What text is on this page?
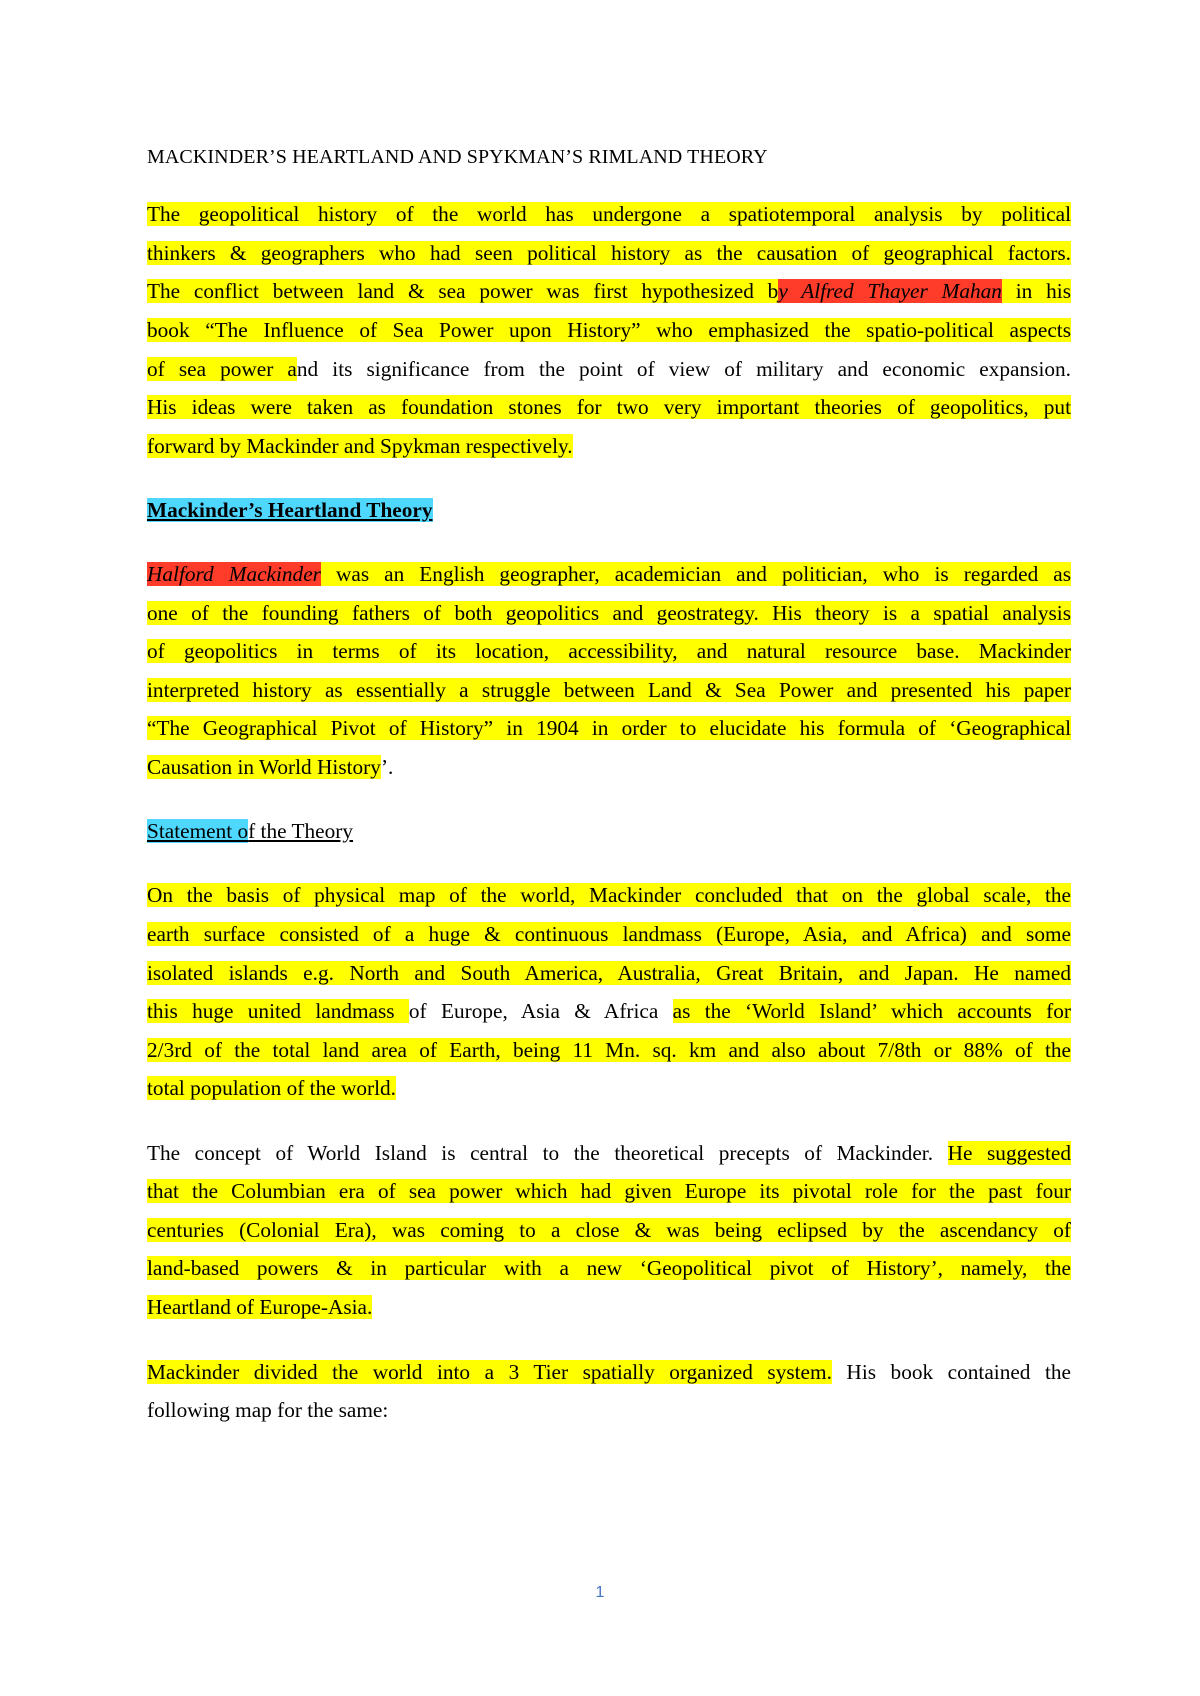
MACKINDER’S HEARTLAND AND SPYKMAN’S RIMLAND THEORY
The geopolitical history of the world has undergone a spatiotemporal analysis by political
thinkers & geographers who had seen political history as the causation of geographical factors.
The conflict between land & sea power was first hypothesized by Alfred Thayer Mahan in his
book “The Influence of Sea Power upon History” who emphasized the spatio-political aspects
of sea power and its significance from the point of view of military and economic expansion.
His ideas were taken as foundation stones for two very important theories of geopolitics, put
forward by Mackinder and Spykman respectively.
Mackinder’s Heartland Theory
Halford Mackinder was an English geographer, academician and politician, who is regarded as
one of the founding fathers of both geopolitics and geostrategy. His theory is a spatial analysis
of geopolitics in terms of its location, accessibility, and natural resource base. Mackinder
interpreted history as essentially a struggle between Land & Sea Power and presented his paper
“The Geographical Pivot of History” in 1904 in order to elucidate his formula of ‘Geographical
Causation in World History’.
Statement of the Theory
On the basis of physical map of the world, Mackinder concluded that on the global scale, the
earth surface consisted of a huge & continuous landmass (Europe, Asia, and Africa) and some
isolated islands e.g. North and South America, Australia, Great Britain, and Japan. He named
this huge united landmass of Europe, Asia & Africa as the ‘World Island’ which accounts for
2/3rd of the total land area of Earth, being 11 Mn. sq. km and also about 7/8th or 88% of the
total population of the world.
The concept of World Island is central to the theoretical precepts of Mackinder. He suggested
that the Columbian era of sea power which had given Europe its pivotal role for the past four
centuries (Colonial Era), was coming to a close & was being eclipsed by the ascendancy of
land-based powers & in particular with a new ‘Geopolitical pivot of History’, namely, the
Heartland of Europe-Asia.
Mackinder divided the world into a 3 Tier spatially organized system. His book contained the
following map for the same:
1
